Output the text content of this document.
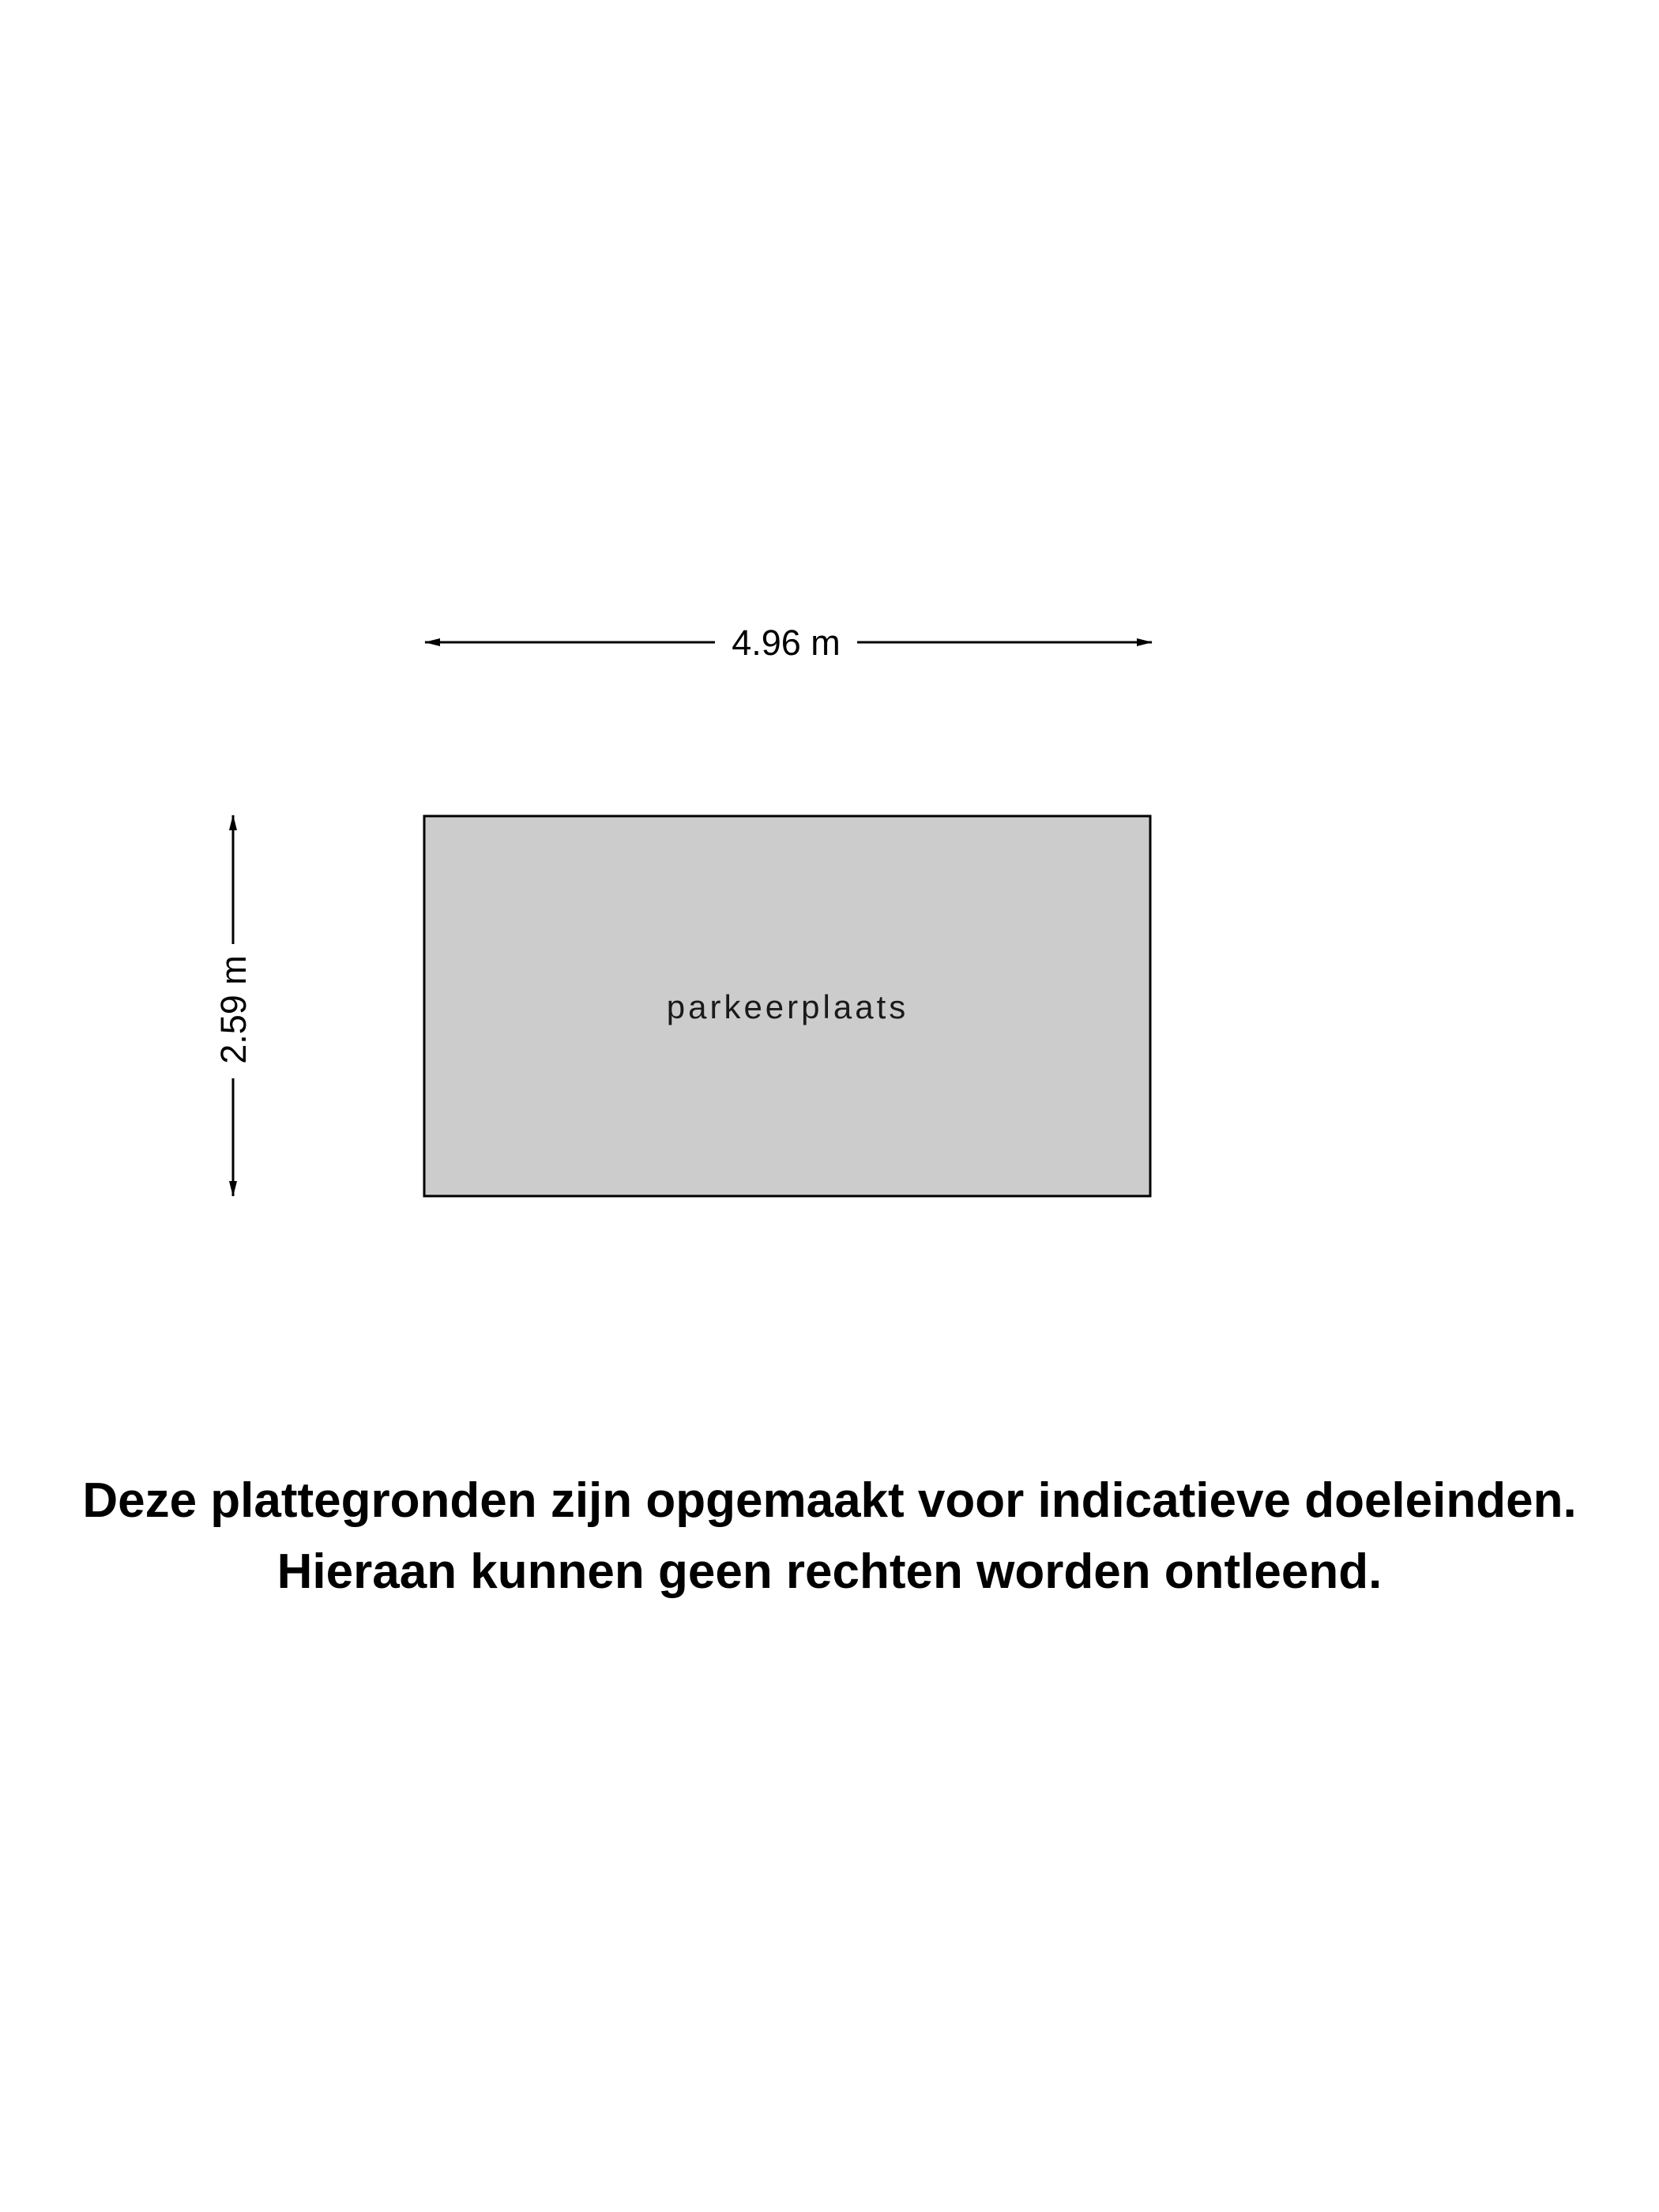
4.96 m
2.59 m	parkeerplaats

Deze plattegronden zijn opgemaakt voor indicatieve doeleinden.

Hieraan kunnen geen rechten worden ontleend.
